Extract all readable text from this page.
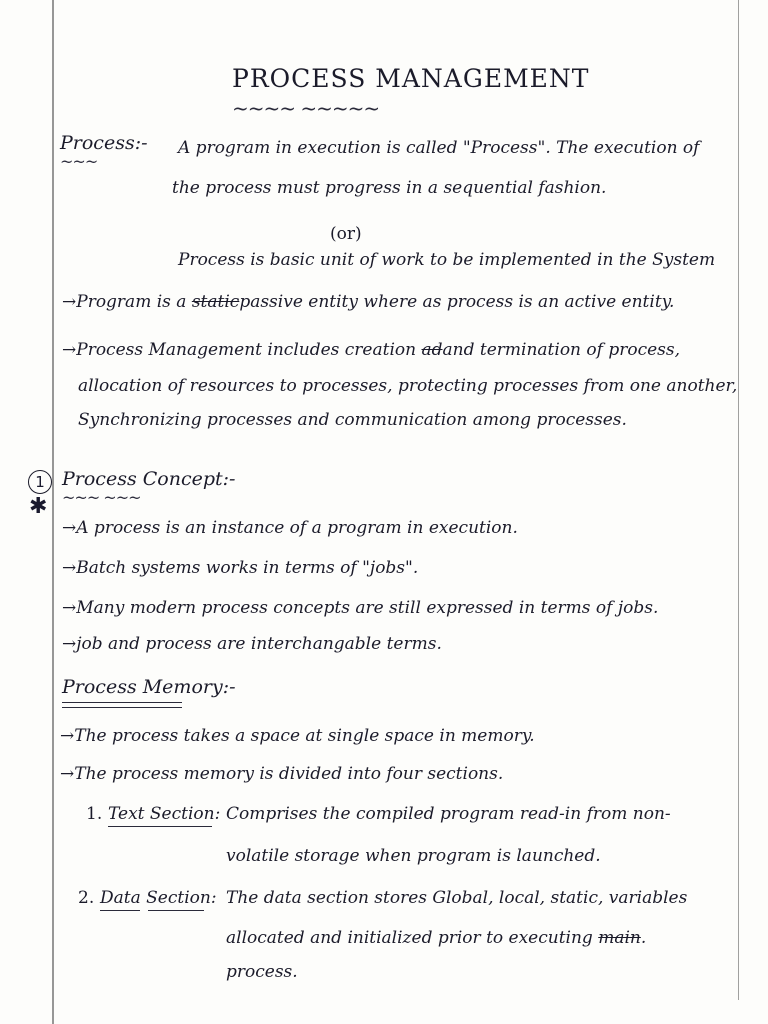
PROCESS MANAGEMENT
~~~~ ~~~~~
Process:-
~~~
A program in execution is called "Process". The execution of
the process must progress in a sequential fashion.
(or)
Process is basic unit of work to be implemented in the System
→Program is a staticpassive entity where as process is an active entity.
→Process Management includes creation adand termination of process,
allocation of resources to processes, protecting processes from one another,
Synchronizing processes and communication among processes.
1
✱
Process Concept:-
~~~ ~~~
→A process is an instance of a program in execution.
→Batch systems works in terms of "jobs".
→Many modern process concepts are still expressed in terms of jobs.
→job and process are interchangable terms.
Process Memory:-
→The process takes a space at single space in memory.
→The process memory is divided into four sections.
1. Text Section: Comprises the compiled program read-in from non-
volatile storage when program is launched.
2. Data Section: The data section stores Global, local, static, variables
allocated and initialized prior to executing main.
process.
